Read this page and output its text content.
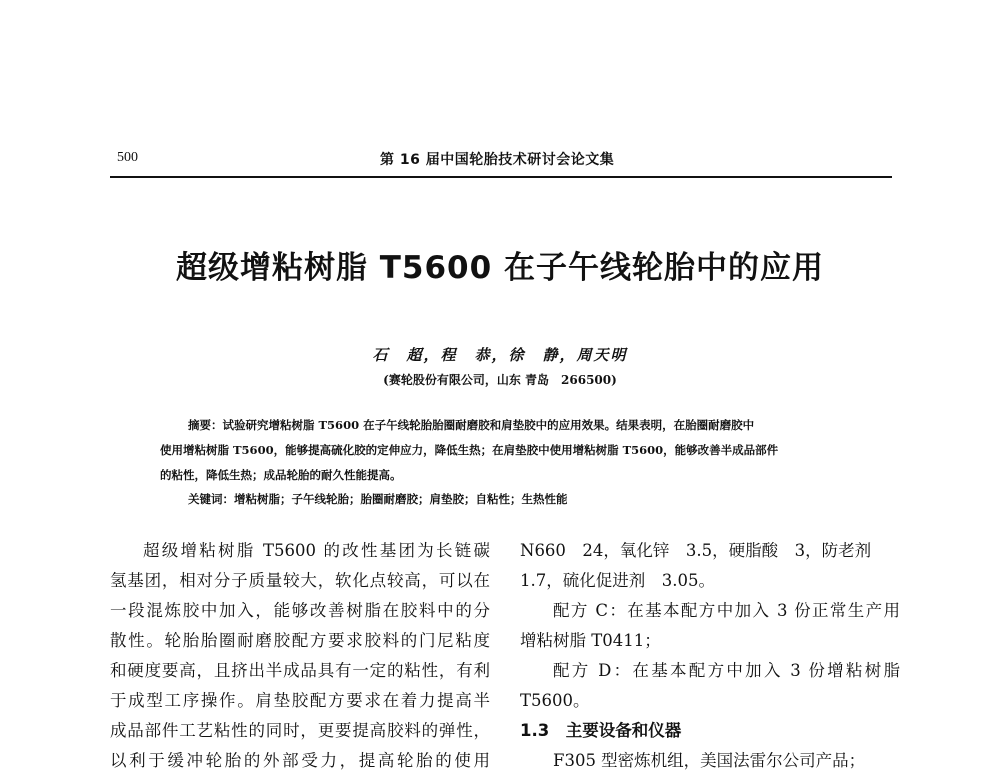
500	第 16 届中国轮胎技术研讨会论文集
超级增粘树脂 T5600 在子午线轮胎中的应用
石　超，程　恭，徐　静，周天明
(赛轮股份有限公司，山东 青岛　266500)
摘要：试验研究增粘树脂 T5600 在子午线轮胎胎圈耐磨胶和肩垫胶中的应用效果。结果表明，在胎圈耐磨胶中
使用增粘树脂 T5600，能够提高硫化胶的定伸应力，降低生热；在肩垫胶中使用增粘树脂 T5600，能够改善半成品部件
的粘性，降低生热；成品轮胎的耐久性能提高。
关键词：增粘树脂；子午线轮胎；胎圈耐磨胶；肩垫胶；自粘性；生热性能
超级增粘树脂 T5600 的改性基团为长链碳
氢基团，相对分子质量较大，软化点较高，可以在
一段混炼胶中加入，能够改善树脂在胶料中的分
散性。轮胎胎圈耐磨胶配方要求胶料的门尼粘度
和硬度要高，且挤出半成品具有一定的粘性，有利
于成型工序操作。肩垫胶配方要求在着力提高半
成品部件工艺粘性的同时，更要提高胶料的弹性，
以利于缓冲轮胎的外部受力，提高轮胎的使用
N660　24，氧化锌　3.5，硬脂酸　3，防老剂
1.7，硫化促进剂　3.05。
配方 C：在基本配方中加入 3 份正常生产用
增粘树脂 T0411；
配方 D：在基本配方中加入 3 份增粘树脂
T5600。
1.3　主要设备和仪器
F305 型密炼机组，美国法雷尔公司产品；
